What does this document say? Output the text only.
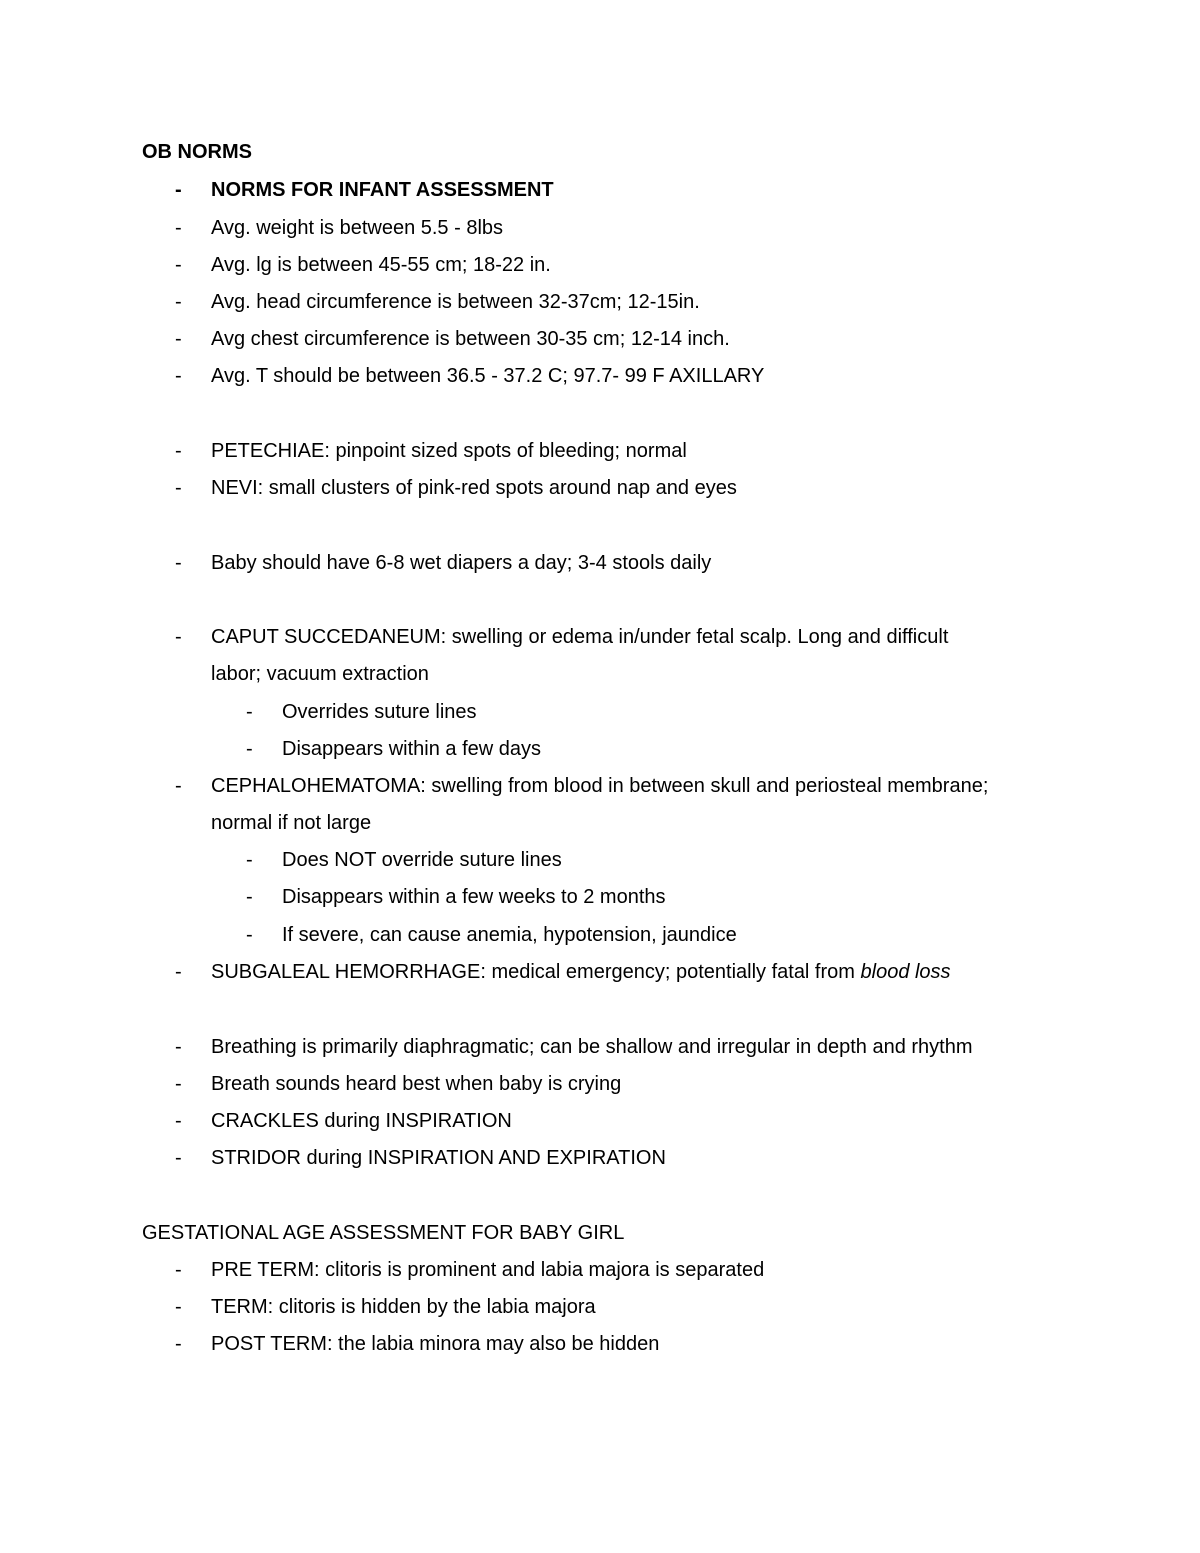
OB NORMS
- NORMS FOR INFANT ASSESSMENT
- Avg. weight is between 5.5 - 8lbs
- Avg. lg is between 45-55 cm; 18-22 in.
- Avg. head circumference is between 32-37cm; 12-15in.
- Avg chest circumference is between 30-35 cm; 12-14 inch.
- Avg. T should be between 36.5 - 37.2 C; 97.7- 99 F AXILLARY
- PETECHIAE: pinpoint sized spots of bleeding; normal
- NEVI: small clusters of pink-red spots around nap and eyes
- Baby should have 6-8 wet diapers a day; 3-4 stools daily
- CAPUT SUCCEDANEUM: swelling or edema in/under fetal scalp. Long and difficult
labor; vacuum extraction
- Overrides suture lines
- Disappears within a few days
- CEPHALOHEMATOMA: swelling from blood in between skull and periosteal membrane;
normal if not large
- Does NOT override suture lines
- Disappears within a few weeks to 2 months
- If severe, can cause anemia, hypotension, jaundice
- SUBGALEAL HEMORRHAGE: medical emergency; potentially fatal from blood loss
- Breathing is primarily diaphragmatic; can be shallow and irregular in depth and rhythm
- Breath sounds heard best when baby is crying
- CRACKLES during INSPIRATION
- STRIDOR during INSPIRATION AND EXPIRATION
GESTATIONAL AGE ASSESSMENT FOR BABY GIRL
- PRE TERM: clitoris is prominent and labia majora is separated
- TERM: clitoris is hidden by the labia majora
- POST TERM: the labia minora may also be hidden
